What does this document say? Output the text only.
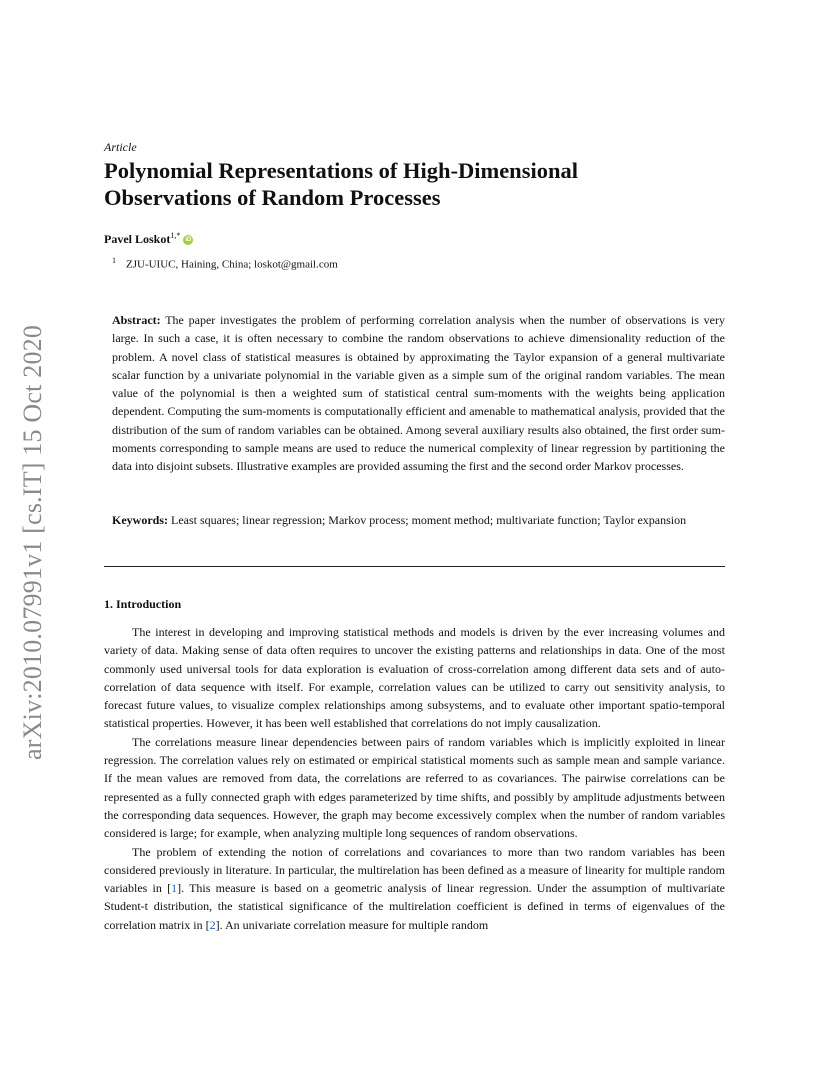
arXiv:2010.07991v1 [cs.IT] 15 Oct 2020
Article
Polynomial Representations of High-Dimensional Observations of Random Processes
Pavel Loskot$^{1,*}$ iD
$^1$ ZJU-UIUC, Haining, China; loskot@gmail.com
Abstract: The paper investigates the problem of performing correlation analysis when the number of observations is very large. In such a case, it is often necessary to combine the random observations to achieve dimensionality reduction of the problem. A novel class of statistical measures is obtained by approximating the Taylor expansion of a general multivariate scalar function by a univariate polynomial in the variable given as a simple sum of the original random variables. The mean value of the polynomial is then a weighted sum of statistical central sum-moments with the weights being application dependent. Computing the sum-moments is computationally efficient and amenable to mathematical analysis, provided that the distribution of the sum of random variables can be obtained. Among several auxiliary results also obtained, the first order sum-moments corresponding to sample means are used to reduce the numerical complexity of linear regression by partitioning the data into disjoint subsets. Illustrative examples are provided assuming the first and the second order Markov processes.
Keywords: Least squares; linear regression; Markov process; moment method; multivariate function; Taylor expansion
1. Introduction

The interest in developing and improving statistical methods and models is driven by the ever increasing volumes and variety of data. Making sense of data often requires to uncover the existing patterns and relationships in data. One of the most commonly used universal tools for data exploration is evaluation of cross-correlation among different data sets and of auto-correlation of data sequence with itself. For example, correlation values can be utilized to carry out sensitivity analysis, to forecast future values, to visualize complex relationships among subsystems, and to evaluate other important spatio-temporal statistical properties. However, it has been well established that correlations do not imply causalization.

The correlations measure linear dependencies between pairs of random variables which is implicitly exploited in linear regression. The correlation values rely on estimated or empirical statistical moments such as sample mean and sample variance. If the mean values are removed from data, the correlations are referred to as covariances. The pairwise correlations can be represented as a fully connected graph with edges parameterized by time shifts, and possibly by amplitude adjustments between the corresponding data sequences. However, the graph may become excessively complex when the number of random variables considered is large; for example, when analyzing multiple long sequences of random observations.

The problem of extending the notion of correlations and covariances to more than two random variables has been considered previously in literature. In particular, the multirelation has been defined as a measure of linearity for multiple random variables in [1]. This measure is based on a geometric analysis of linear regression. Under the assumption of multivariate Student-t distribution, the statistical significance of the multirelation coefficient is defined in terms of eigenvalues of the correlation matrix in [2]. An univariate correlation measure for multiple random
